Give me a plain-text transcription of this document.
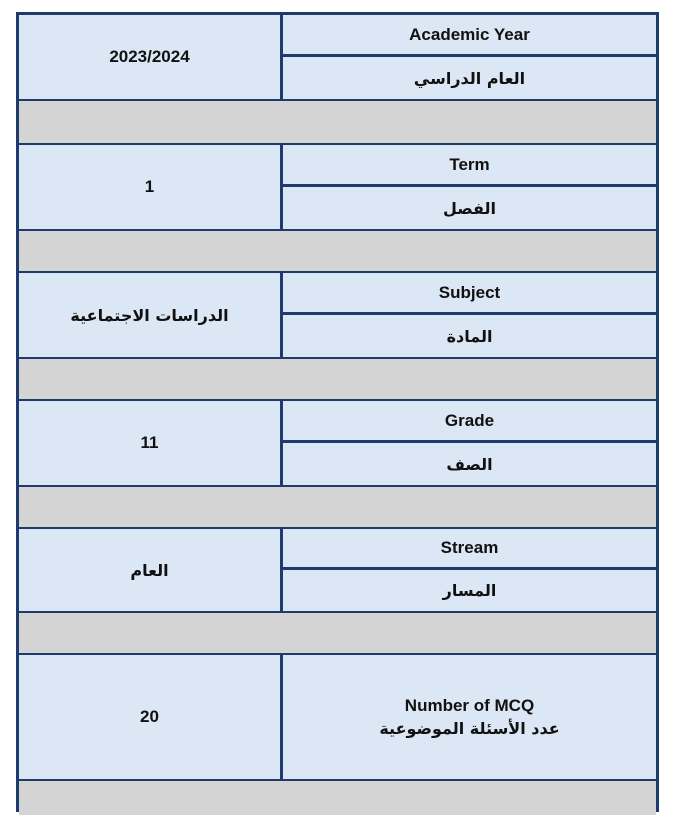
2023/2024
Academic Year
العام الدراسي
1
Term
الفصل
الدراسات الاجتماعية
Subject
المادة
11
Grade
الصف
العام
Stream
المسار
20
Number of MCQ
عدد الأسئلة الموضوعية
